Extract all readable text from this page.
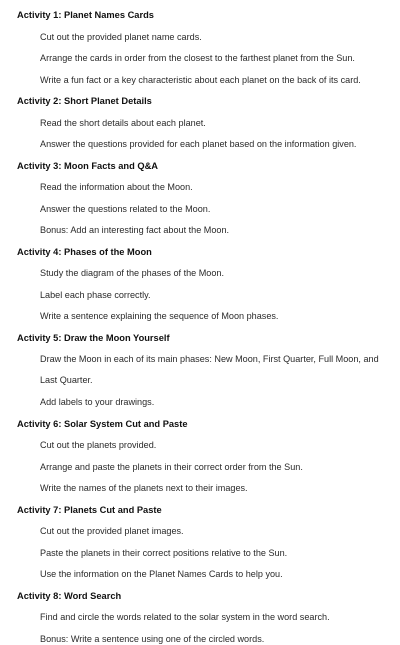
Activity 1: Planet Names Cards
Cut out the provided planet name cards.
Arrange the cards in order from the closest to the farthest planet from the Sun.
Write a fun fact or a key characteristic about each planet on the back of its card.
Activity 2: Short Planet Details
Read the short details about each planet.
Answer the questions provided for each planet based on the information given.
Activity 3: Moon Facts and Q&A
Read the information about the Moon.
Answer the questions related to the Moon.
Bonus: Add an interesting fact about the Moon.
Activity 4: Phases of the Moon
Study the diagram of the phases of the Moon.
Label each phase correctly.
Write a sentence explaining the sequence of Moon phases.
Activity 5: Draw the Moon Yourself
Draw the Moon in each of its main phases: New Moon, First Quarter, Full Moon, and Last Quarter.
Add labels to your drawings.
Activity 6: Solar System Cut and Paste
Cut out the planets provided.
Arrange and paste the planets in their correct order from the Sun.
Write the names of the planets next to their images.
Activity 7: Planets Cut and Paste
Cut out the provided planet images.
Paste the planets in their correct positions relative to the Sun.
Use the information on the Planet Names Cards to help you.
Activity 8: Word Search
Find and circle the words related to the solar system in the word search.
Bonus: Write a sentence using one of the circled words.
